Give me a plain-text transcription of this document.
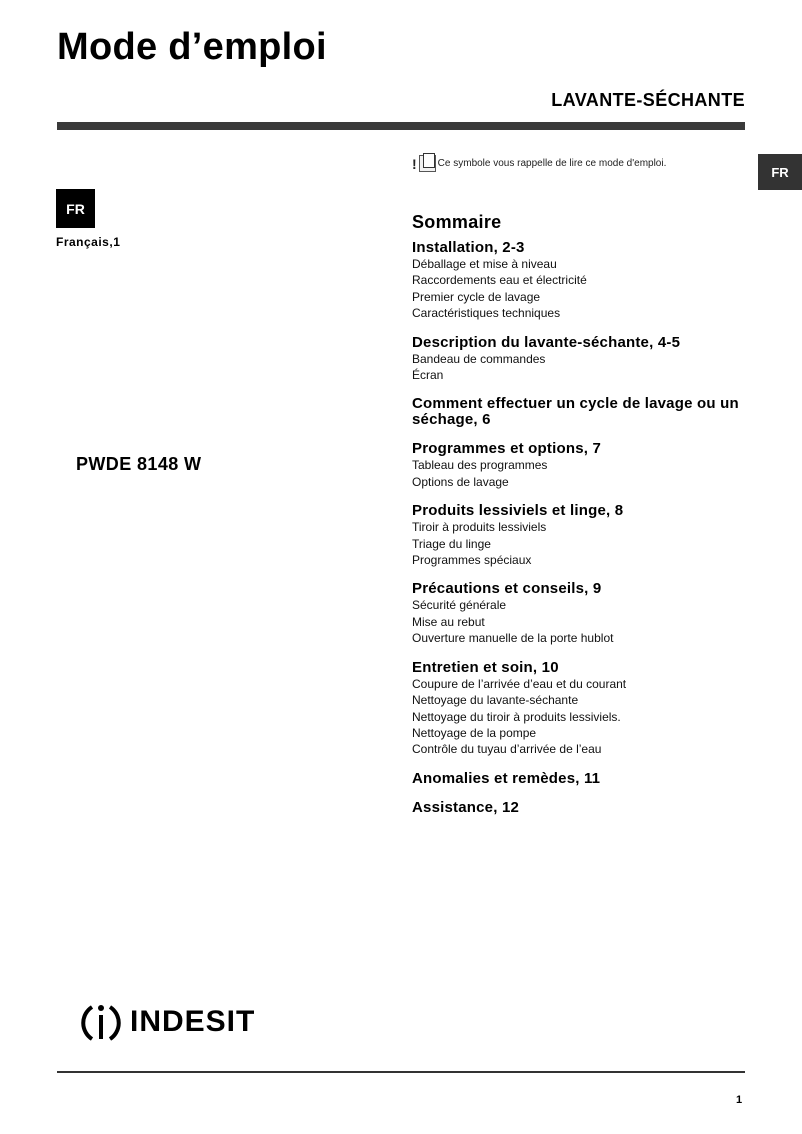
Mode d’emploi
LAVANTE-SÉCHANTE
FR
FR
Français,1
PWDE 8148 W
! Ce symbole vous rappelle de lire ce mode d'emploi.
Sommaire
Installation, 2-3
Déballage et mise à niveau
Raccordements eau et électricité
Premier cycle de lavage
Caractéristiques techniques
Description du lavante-séchante, 4-5
Bandeau de commandes
Écran
Comment effectuer un cycle de lavage ou un séchage, 6
Programmes et options, 7
Tableau des programmes
Options de lavage
Produits lessiviels et linge, 8
Tiroir à produits lessiviels
Triage du linge
Programmes spéciaux
Précautions et conseils, 9
Sécurité générale
Mise au rebut
Ouverture manuelle de la porte hublot
Entretien et soin, 10
Coupure de l’arrivée d’eau et du courant
Nettoyage du lavante-séchante
Nettoyage du tiroir à produits lessiviels.
Nettoyage de la pompe
Contrôle du tuyau d’arrivée de l’eau
Anomalies et remèdes, 11
Assistance, 12
INDESIT
1
